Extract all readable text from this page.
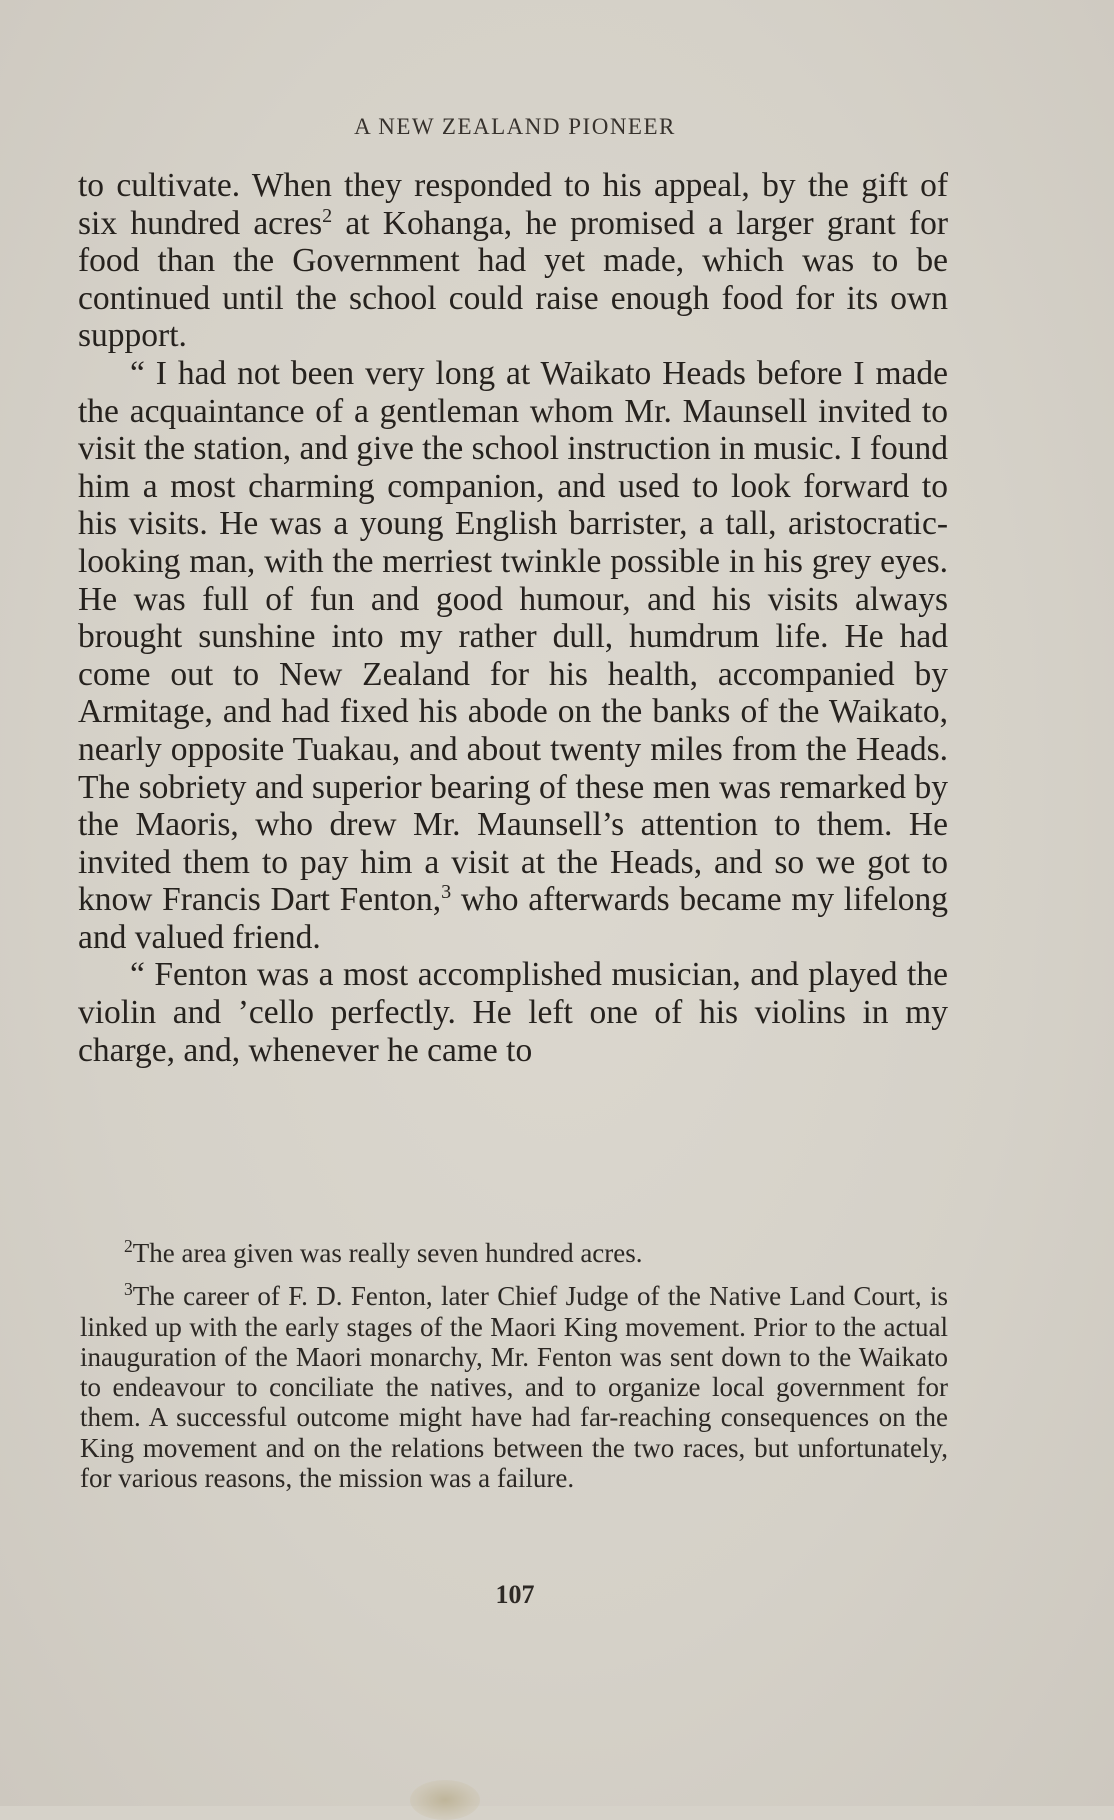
A NEW ZEALAND PIONEER

to cultivate. When they responded to his appeal, by the gift of six hundred acres$^2$ at Kohanga, he promised a larger grant for food than the Government had yet made, which was to be continued until the school could raise enough food for its own support.

“ I had not been very long at Waikato Heads before I made the acquaintance of a gentleman whom Mr. Maunsell invited to visit the station, and give the school instruction in music. I found him a most charming companion, and used to look forward to his visits. He was a young English barrister, a tall, aristocratic-looking man, with the merriest twinkle possible in his grey eyes. He was full of fun and good humour, and his visits always brought sunshine into my rather dull, humdrum life. He had come out to New Zealand for his health, accompanied by Armitage, and had fixed his abode on the banks of the Waikato, nearly opposite Tuakau, and about twenty miles from the Heads. The sobriety and superior bearing of these men was remarked by the Maoris, who drew Mr. Maunsell’s attention to them. He invited them to pay him a visit at the Heads, and so we got to know Francis Dart Fenton,$^3$ who afterwards became my lifelong and valued friend.

“ Fenton was a most accomplished musician, and played the violin and ’cello perfectly. He left one of his violins in my charge, and, whenever he came to

$^2$The area given was really seven hundred acres.

$^3$The career of F. D. Fenton, later Chief Judge of the Native Land Court, is linked up with the early stages of the Maori King movement. Prior to the actual inauguration of the Maori monarchy, Mr. Fenton was sent down to the Waikato to endeavour to conciliate the natives, and to organize local government for them. A successful outcome might have had far-reaching consequences on the King movement and on the relations between the two races, but unfortunately, for various reasons, the mission was a failure.

107
